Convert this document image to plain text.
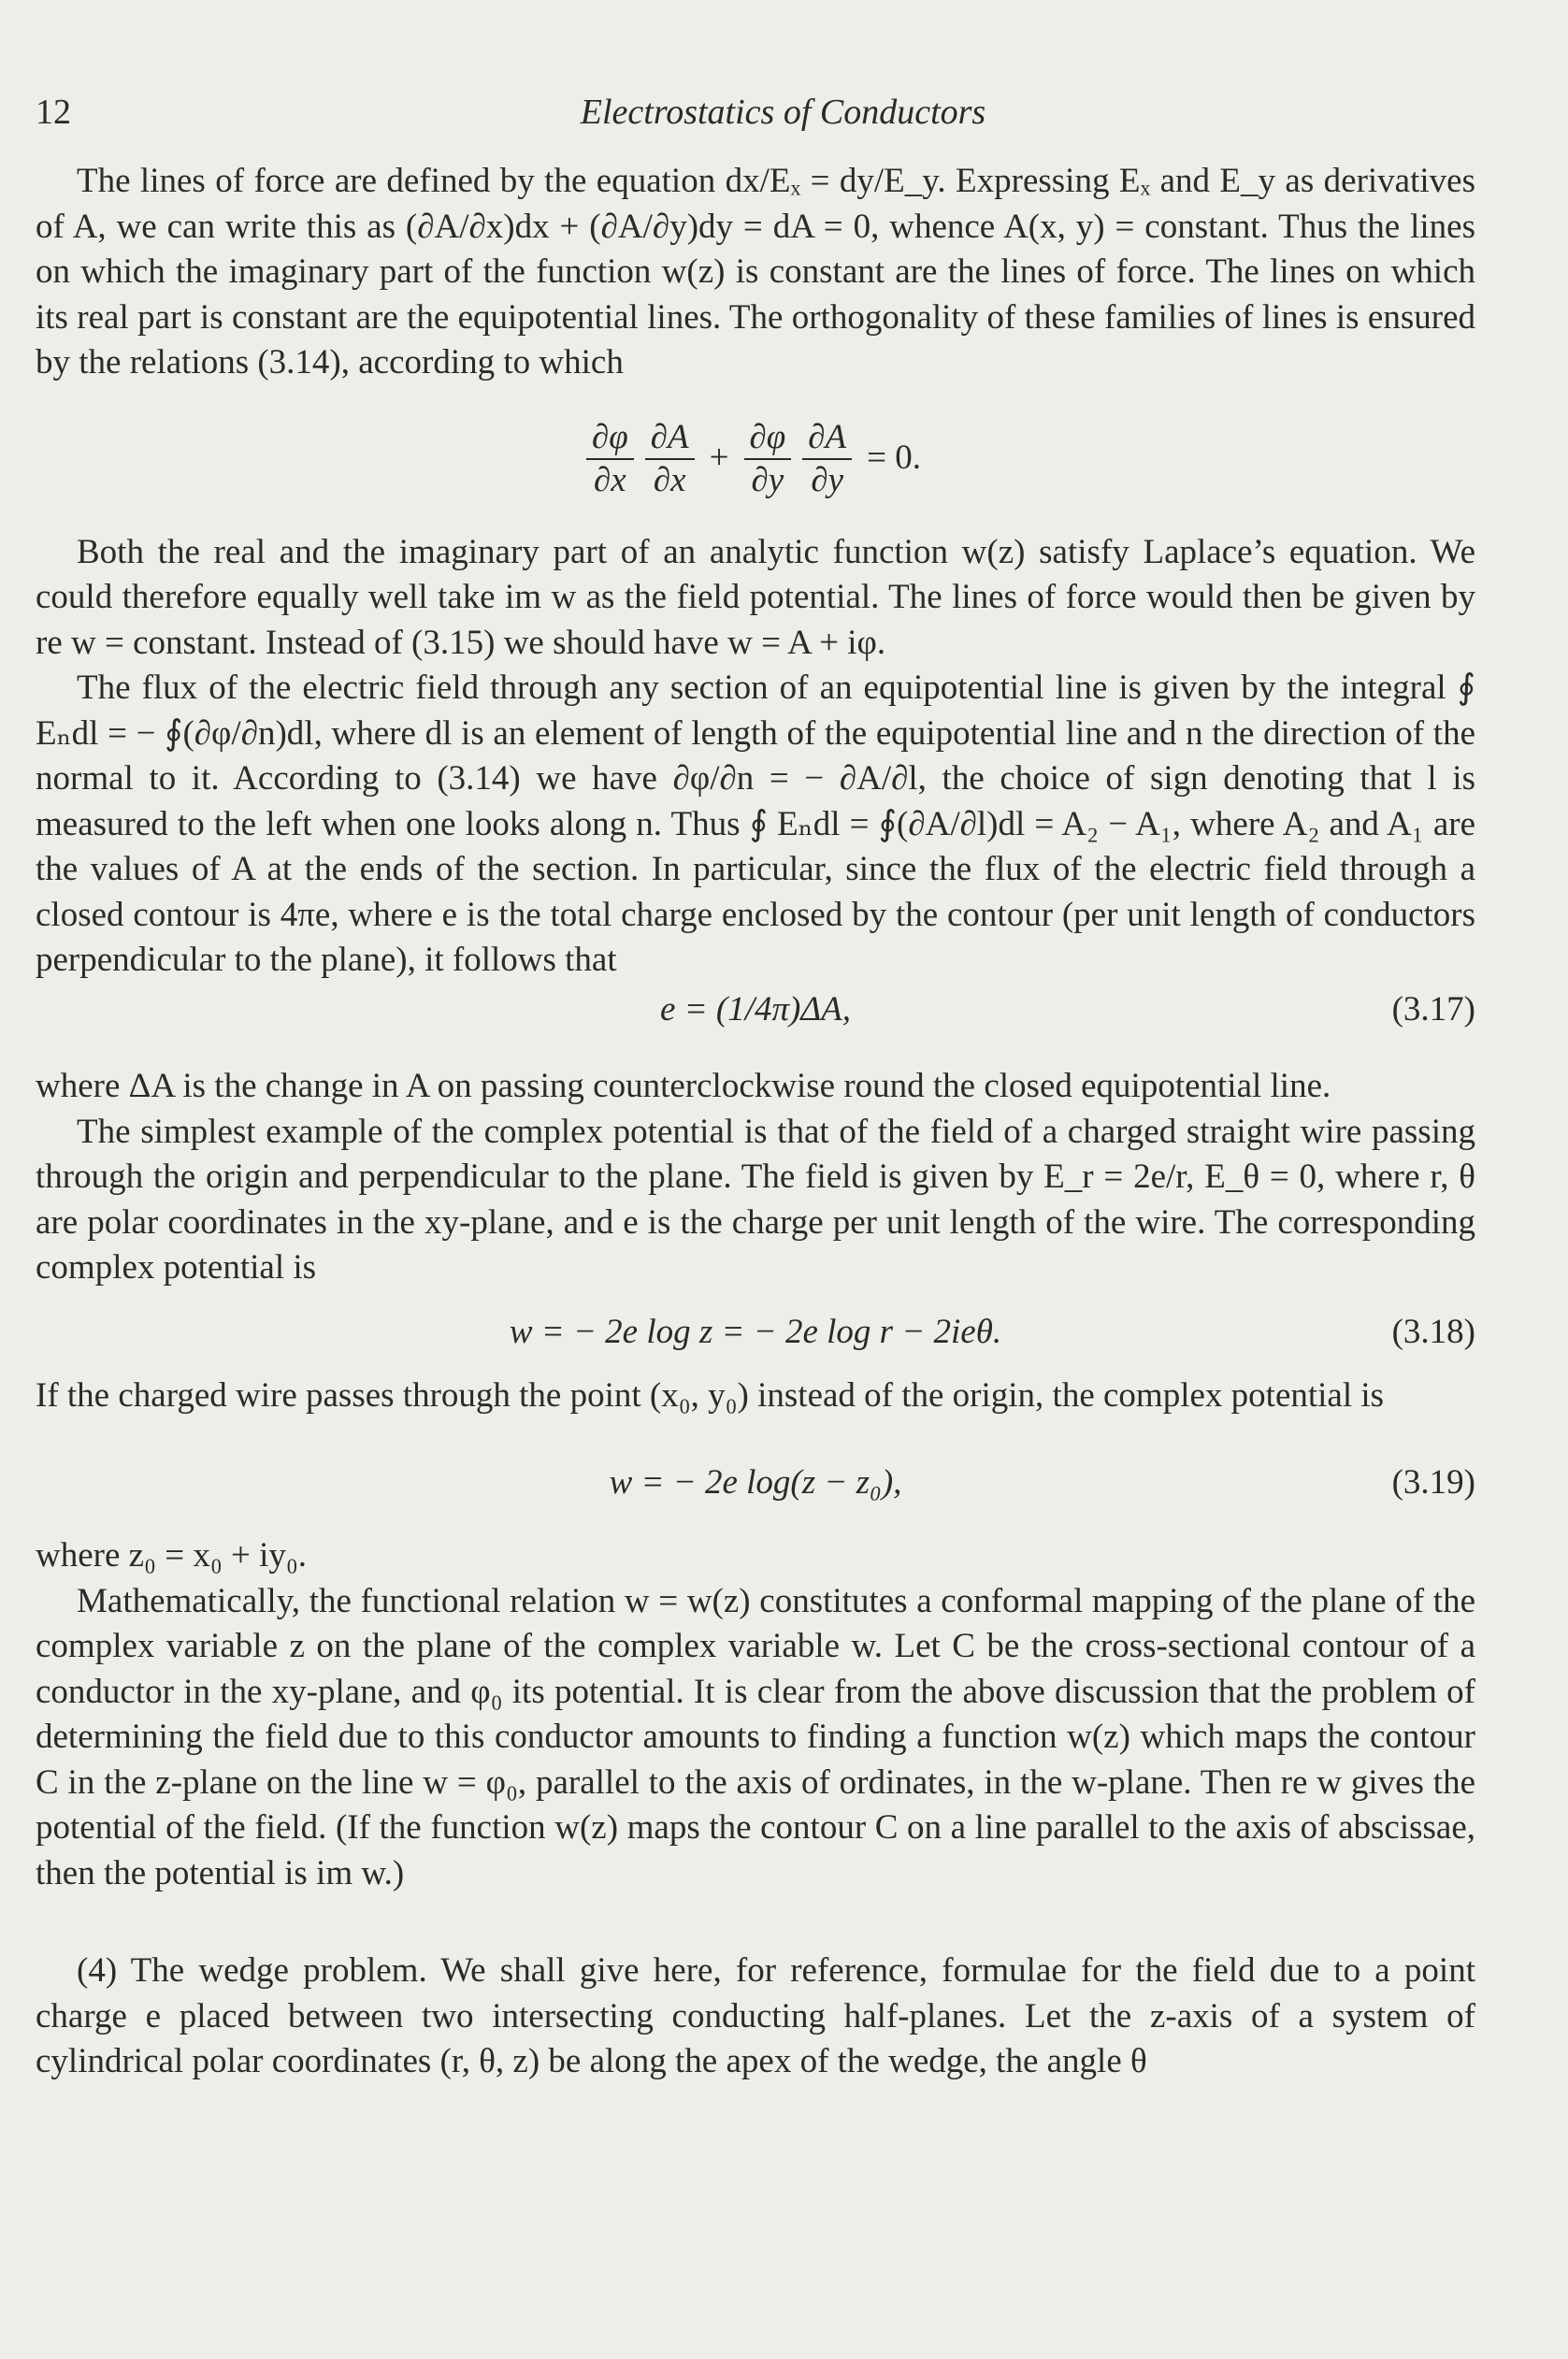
12	Electrostatics of Conductors

The lines of force are defined by the equation dx/Eₓ = dy/E_y. Expressing Eₓ and E_y as derivatives of A, we can write this as (∂A/∂x)dx + (∂A/∂y)dy = dA = 0, whence A(x, y) = constant. Thus the lines on which the imaginary part of the function w(z) is constant are the lines of force. The lines on which its real part is constant are the equipotential lines. The orthogonality of these families of lines is ensured by the relations (3.14), according to which

$\frac{\partial\varphi}{\partial x} \frac{\partial A}{\partial x} + \frac{\partial\varphi}{\partial y} \frac{\partial A}{\partial y} = 0$.

Both the real and the imaginary part of an analytic function w(z) satisfy Laplace’s equation. We could therefore equally well take im w as the field potential. The lines of force would then be given by re w = constant. Instead of (3.15) we should have w = A + iφ.

The flux of the electric field through any section of an equipotential line is given by the integral ∮ Eₙdl = − ∮(∂φ/∂n)dl, where dl is an element of length of the equipotential line and n the direction of the normal to it. According to (3.14) we have ∂φ/∂n = − ∂A/∂l, the choice of sign denoting that l is measured to the left when one looks along n. Thus ∮ Eₙdl = ∮(∂A/∂l)dl = A₂ − A₁, where A₂ and A₁ are the values of A at the ends of the section. In particular, since the flux of the electric field through a closed contour is 4πe, where e is the total charge enclosed by the contour (per unit length of conductors perpendicular to the plane), it follows that

e = (1/4π)ΔA,	(3.17)

where ΔA is the change in A on passing counterclockwise round the closed equipotential line.

The simplest example of the complex potential is that of the field of a charged straight wire passing through the origin and perpendicular to the plane. The field is given by E_r = 2e/r, E_θ = 0, where r, θ are polar coordinates in the xy-plane, and e is the charge per unit length of the wire. The corresponding complex potential is

w = − 2e log z = − 2e log r − 2ieθ.	(3.18)

If the charged wire passes through the point (x₀, y₀) instead of the origin, the complex potential is

w = − 2e log(z − z₀),	(3.19)

where z₀ = x₀ + iy₀.

Mathematically, the functional relation w = w(z) constitutes a conformal mapping of the plane of the complex variable z on the plane of the complex variable w. Let C be the cross-sectional contour of a conductor in the xy-plane, and φ₀ its potential. It is clear from the above discussion that the problem of determining the field due to this conductor amounts to finding a function w(z) which maps the contour C in the z-plane on the line w = φ₀, parallel to the axis of ordinates, in the w-plane. Then re w gives the potential of the field. (If the function w(z) maps the contour C on a line parallel to the axis of abscissae, then the potential is im w.)

(4) The wedge problem. We shall give here, for reference, formulae for the field due to a point charge e placed between two intersecting conducting half-planes. Let the z-axis of a system of cylindrical polar coordinates (r, θ, z) be along the apex of the wedge, the angle θ
